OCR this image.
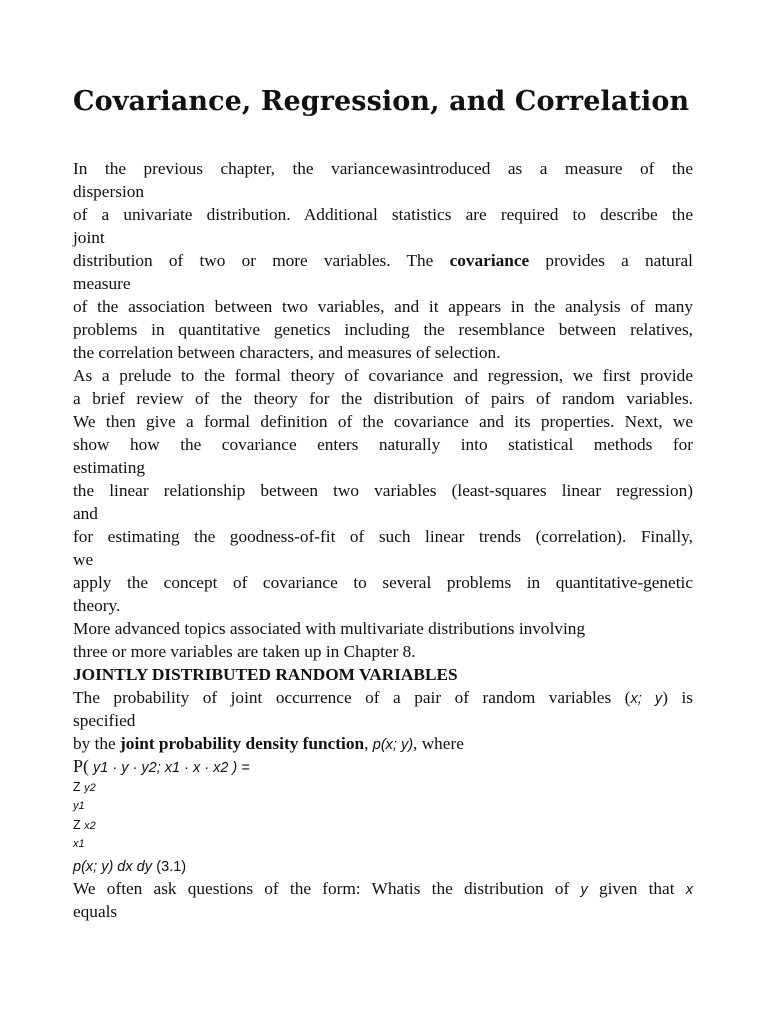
Covariance, Regression, and Correlation
In the previous chapter, the variancewasintroduced as a measure of the
dispersion
of a univariate distribution. Additional statistics are required to describe the
joint
distribution of two or more variables. The covariance provides a natural
measure
of the association between two variables, and it appears in the analysis of many
problems in quantitative genetics including the resemblance between relatives,
the correlation between characters, and measures of selection.
As a prelude to the formal theory of covariance and regression, we first provide
a brief review of the theory for the distribution of pairs of random variables.
We then give a formal definition of the covariance and its properties. Next, we
show how the covariance enters naturally into statistical methods for
estimating
the linear relationship between two variables (least-squares linear regression)
and
for estimating the goodness-of-fit of such linear trends (correlation). Finally,
we
apply the concept of covariance to several problems in quantitative-genetic
theory.
More advanced topics associated with multivariate distributions involving
three or more variables are taken up in Chapter 8.
JOINTLY DISTRIBUTED RANDOM VARIABLES
The probability of joint occurrence of a pair of random variables (x; y) is
specified
by the joint probability density function, p(x; y), where
P( y1 · y · y2; x1 · x · x2 ) =
Z y2
y1
Z x2
x1
p(x; y) dx dy (3.1)
We often ask questions of the form: Whatis the distribution of y given that x
equals
